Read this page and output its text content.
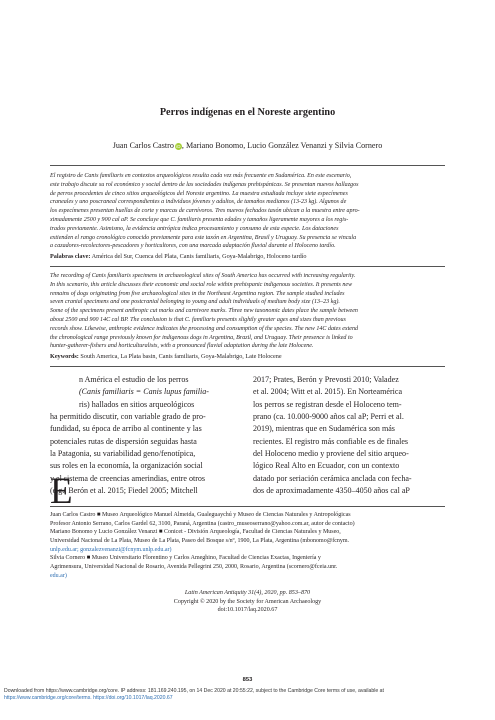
Perros indígenas en el Noreste argentino
Juan Carlos Castro iD, Mariano Bonomo, Lucio González Venanzi y Silvia Cornero
El registro de Canis familiaris en contextos arqueológicos resulta cada vez más frecuente en Sudamérica. En este escenario,
este trabajo discute su rol económico y social dentro de las sociedades indígenas prehispánicas. Se presentan nuevos hallazgos
de perros procedentes de cinco sitios arqueológicos del Noreste argentino. La muestra estudiada incluye siete especímenes
craneales y uno poscraneal correspondientes a individuos jóvenes y adultos, de tamaños medianos (13-23 kg). Algunos de
los especímenes presentan huellas de corte y marcas de carnívoros. Tres nuevos fechados taxón ubican a la muestra entre apro-
ximadamente 2500 y 900 cal aP. Se concluye que C. familiaris presenta edades y tamaños ligeramente mayores a los regis-
trados previamente. Asimismo, la evidencia antrópica indica procesamiento y consumo de esta especie. Los dataciones
extienden el rango cronológico conocido previamente para este taxón en Argentina, Brasil y Uruguay. Su presencia se vincula
a cazadores-recolectores-pescadores y horticultores, con una marcada adaptación fluvial durante el Holoceno tardío.
Palabras clave: América del Sur, Cuenca del Plata, Canis familiaris, Goya-Malabrigo, Holoceno tardío
The recording of Canis familiaris specimens in archaeological sites of South America has occurred with increasing regularity.
In this scenario, this article discusses their economic and social role within prehispanic indigenous societies. It presents new
remains of dogs originating from five archaeological sites in the Northeast Argentina region. The sample studied includes
seven cranial specimens and one postcranial belonging to young and adult individuals of medium body size (13–23 kg).
Some of the specimens present anthropic cut marks and carnivore marks. Three new taxonomic dates place the sample between
about 2500 and 900 14C cal BP. The conclusion is that C. familiaris presents slightly greater ages and sizes than previous
records show. Likewise, anthropic evidence indicates the processing and consumption of the species. The new 14C dates extend
the chronological range previously known for indigenous dogs in Argentina, Brazil, and Uruguay. Their presence is linked to
hunter-gatherer-fishers and horticulturalists, with a pronounced fluvial adaptation during the late Holocene.
Keywords: South America, La Plata basin, Canis familiaris, Goya-Malabrigo, Late Holocene
E
n América el estudio de los perros
(Canis familiaris = Canis lupus familia-
ris) hallados en sitios arqueológicos
ha permitido discutir, con variable grado de pro-
fundidad, su época de arribo al continente y las
potenciales rutas de dispersión seguidas hasta
la Patagonia, su variabilidad geno/fenotípica,
sus roles en la economía, la organización social
y el sistema de creencias amerindias, entre otros
(e.g., Berón et al. 2015; Fiedel 2005; Mitchell
2017; Prates, Berón y Prevosti 2010; Valadez
et al. 2004; Witt et al. 2015). En Norteamérica
los perros se registran desde el Holoceno tem-
prano (ca. 10.000-9000 años cal aP; Perri et al.
2019), mientras que en Sudamérica son más
recientes. El registro más confiable es de finales
del Holoceno medio y proviene del sitio arqueo-
lógico Real Alto en Ecuador, con un contexto
datado por seriación cerámica anclada con fecha-
dos de aproximadamente 4350–4050 años cal aP
Juan Carlos Castro ■ Museo Arqueológico Manuel Almeida, Gualeguaychú y Museo de Ciencias Naturales y Antropológicas
Profesor Antonio Serrano, Carlos Gardel 62, 3100, Paraná, Argentina (castro_museoserrano@yahoo.com.ar, autor de contacto)
Mariano Bonomo y Lucio González Venanzi ■ Conicet - División Arqueología, Facultad de Ciencias Naturales y Museo,
Universidad Nacional de La Plata, Museo de La Plata, Paseo del Bosque s/nº, 1900, La Plata, Argentina (mbonomo@fcnym.
unlp.edu.ar; gonzalezvenanzi@fcnym.unlp.edu.ar)
Silvia Cornero ■ Museo Universitario Florentino y Carlos Ameghino, Facultad de Ciencias Exactas, Ingeniería y
Agrimensura, Universidad Nacional de Rosario, Avenida Pellegrini 250, 2000, Rosario, Argentina (scornero@fceia.unr.
edu.ar)
Latin American Antiquity 31(4), 2020, pp. 853–870
Copyright © 2020 by the Society for American Archaeology
doi:10.1017/laq.2020.67
853
Downloaded from https://www.cambridge.org/core. IP address: 181.169.240.195, on 14 Dec 2020 at 20:55:22, subject to the Cambridge Core terms of use, available at
https://www.cambridge.org/core/terms. https://doi.org/10.1017/laq.2020.67
